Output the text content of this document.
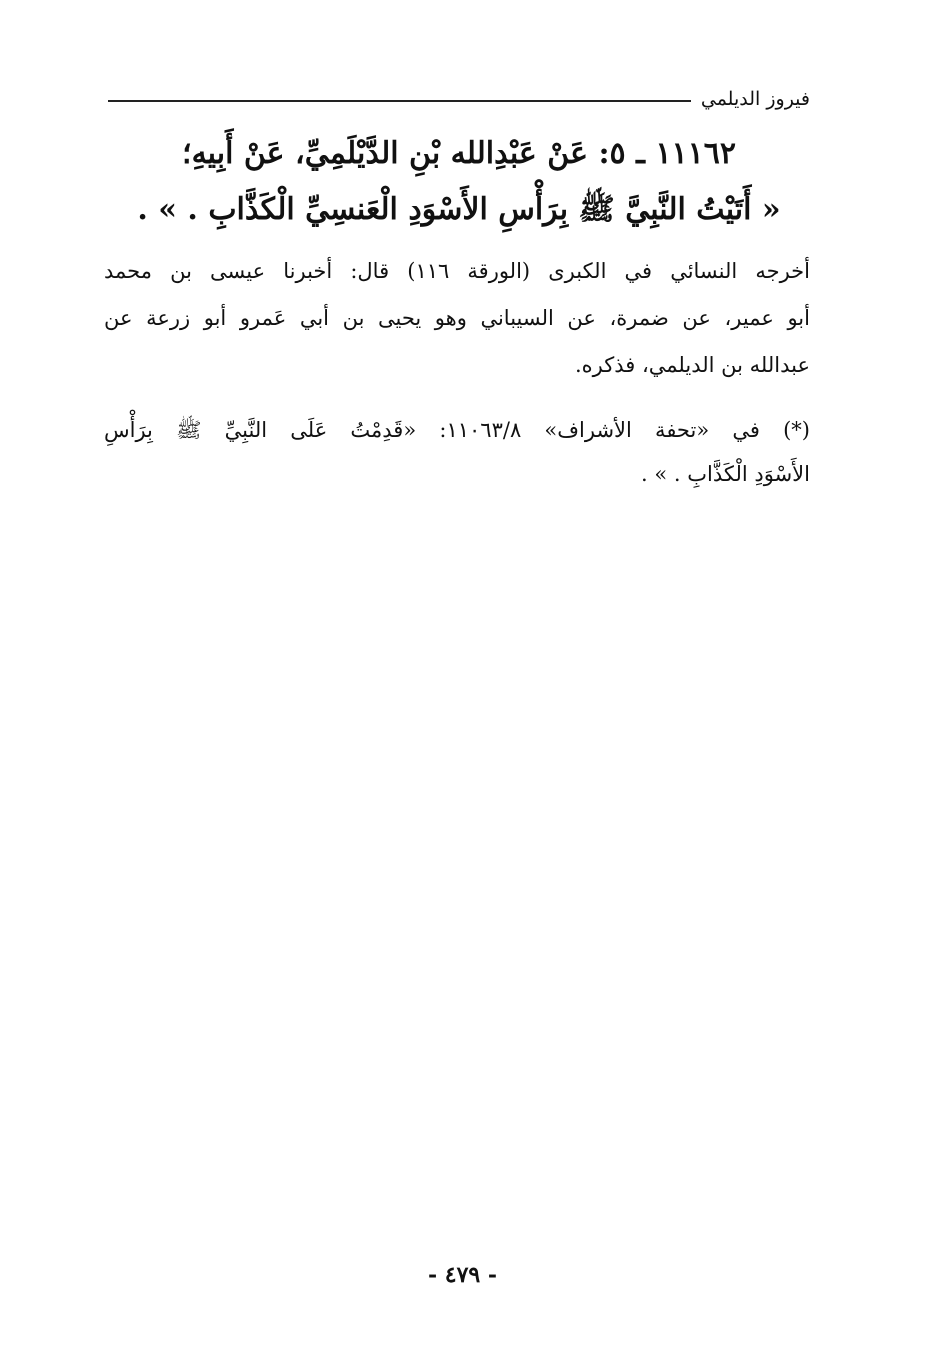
فيروز الديلمي
١١١٦٢ ـ ٥: عَنْ عَبْدِالله بْنِ الدَّيْلَمِيِّ، عَنْ أَبِيهِ؛
« أَتَيْتُ النَّبِيَّ ﷺ بِرَأْسِ الأَسْوَدِ الْعَنسِيِّ الْكَذَّابِ . » .
أخرجه النسائي في الكبرى (الورقة ١١٦) قال: أخبرنا عيسى بن محمد
أبو عمير، عن ضمرة، عن السيباني وهو يحيى بن أبي عَمرو أبو زرعة عن
عبدالله بن الديلمي، فذكره.
(*) في «تحفة الأشراف» ١١٠٦٣/٨: «قَدِمْتُ عَلَى النَّبِيِّ ﷺ بِرَأْسِ
الأَسْوَدِ الْكَذَّابِ . » .
- ٤٧٩ -
